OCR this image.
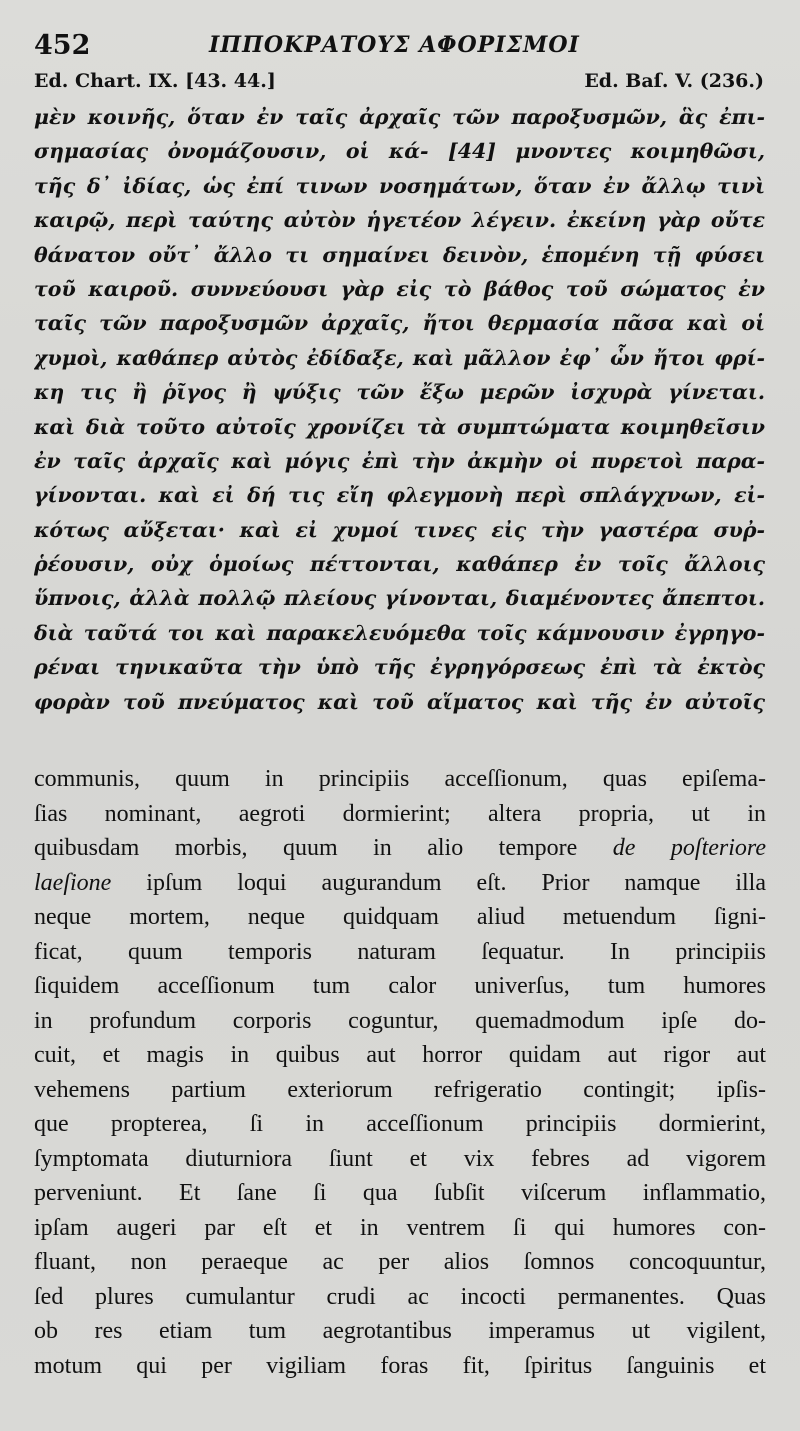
452	ΙΠΠΟΚΡΑΤΟΥΣ ΑΦΟΡΙΣΜΟΙ
Ed. Chart. IX. [43. 44.]	Ed. Baſ. V. (236.)
μὲν κοινῆς, ὅταν ἐν ταῖς ἀρχαῖς τῶν παροξυσμῶν, ἃς ἐπι-
σημασίας ὀνομάζουσιν, οἱ κά- [44] μνοντες κοιμηθῶσι,
τῆς δ᾽ ἰδίας, ὡς ἐπί τινων νοσημάτων, ὅταν ἐν ἄλλῳ τινὶ
καιρῷ, περὶ ταύτης αὐτὸν ἡγετέον λέγειν. ἐκείνη γὰρ οὔτε
θάνατον οὔτ᾽ ἄλλο τι σημαίνει δεινὸν, ἑπομένη τῇ φύσει
τοῦ καιροῦ. συννεύουσι γὰρ εἰς τὸ βάθος τοῦ σώματος ἐν
ταῖς τῶν παροξυσμῶν ἀρχαῖς, ἤτοι θερμασία πᾶσα καὶ οἱ
χυμοὶ, καθάπερ αὐτὸς ἐδίδαξε, καὶ μᾶλλον ἐφ᾽ ὧν ἤτοι φρί-
κη τις ἢ ῥῖγος ἢ ψύξις τῶν ἔξω μερῶν ἰσχυρὰ γίνεται.
καὶ διὰ τοῦτο αὐτοῖς χρονίζει τὰ συμπτώματα κοιμηθεῖσιν
ἐν ταῖς ἀρχαῖς καὶ μόγις ἐπὶ τὴν ἀκμὴν οἱ πυρετοὶ παρα-
γίνονται. καὶ εἰ δή τις εἴη φλεγμονὴ περὶ σπλάγχνων, εἰ-
κότως αὔξεται· καὶ εἰ χυμοί τινες εἰς τὴν γαστέρα συῤ-
ῥέουσιν, οὐχ ὁμοίως πέττονται, καθάπερ ἐν τοῖς ἄλλοις
ὕπνοις, ἀλλὰ πολλῷ πλείους γίνονται, διαμένοντες ἄπεπτοι.
διὰ ταῦτά τοι καὶ παρακελευόμεθα τοῖς κάμνουσιν ἐγρηγο-
ρέναι τηνικαῦτα τὴν ὑπὸ τῆς ἐγρηγόρσεως ἐπὶ τὰ ἐκτὸς
φορὰν τοῦ πνεύματος καὶ τοῦ αἵματος καὶ τῆς ἐν αὐτοῖς
communis, quum in principiis acceſſionum, quas epiſema-
ſias nominant, aegroti dormierint; altera propria, ut in
quibusdam morbis, quum in alio tempore de poſteriore
laeſione ipſum loqui augurandum eſt. Prior namque illa
neque mortem, neque quidquam aliud metuendum ſigni-
ficat, quum temporis naturam ſequatur. In principiis
ſiquidem acceſſionum tum calor univerſus, tum humores
in profundum corporis coguntur, quemadmodum ipſe do-
cuit, et magis in quibus aut horror quidam aut rigor aut
vehemens partium exteriorum refrigeratio contingit; ipſis-
que propterea, ſi in acceſſionum principiis dormierint,
ſymptomata diuturniora ſiunt et vix febres ad vigorem
perveniunt. Et ſane ſi qua ſubſit viſcerum inflammatio,
ipſam augeri par eſt et in ventrem ſi qui humores con-
fluant, non peraeque ac per alios ſomnos concoquuntur,
ſed plures cumulantur crudi ac incocti permanentes. Quas
ob res etiam tum aegrotantibus imperamus ut vigilent,
motum qui per vigiliam foras fit, ſpiritus ſanguinis et
